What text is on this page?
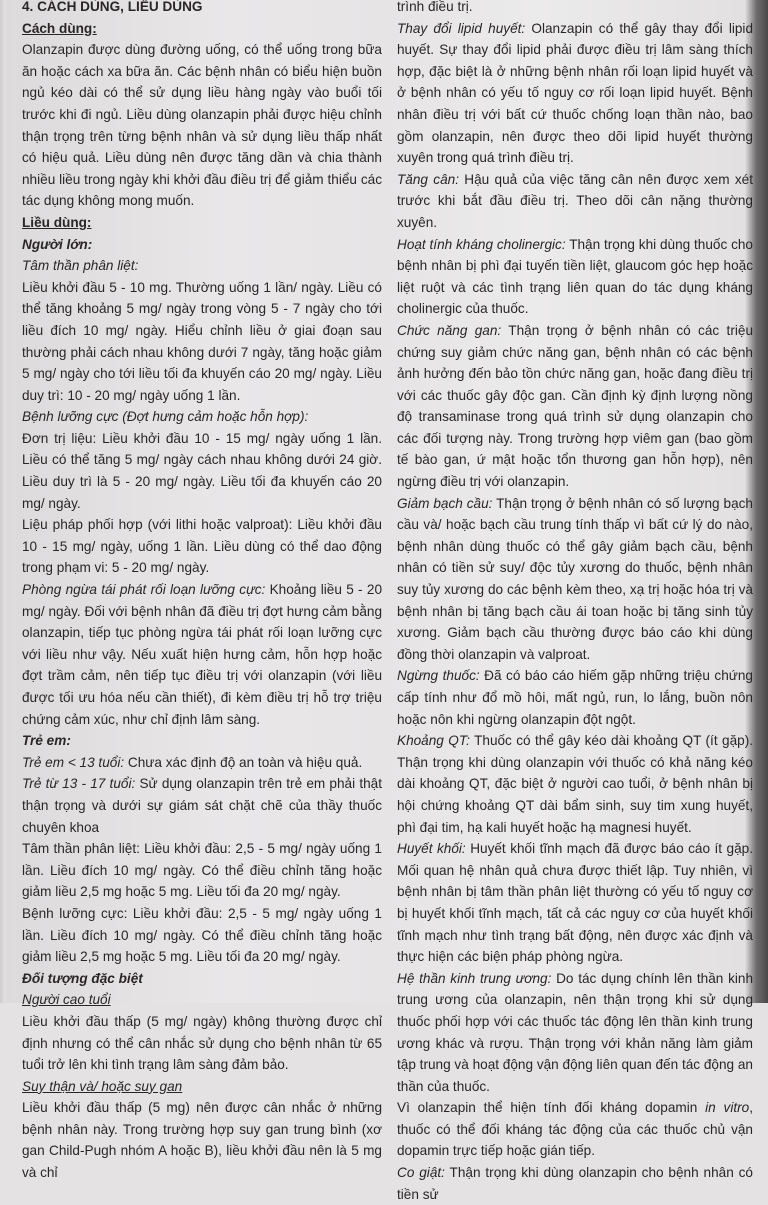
4. CÁCH DÙNG, LIỀU DÙNG

Cách dùng:

Olanzapin được dùng đường uống, có thể uống trong bữa ăn hoặc cách xa bữa ăn. Các bệnh nhân có biểu hiện buồn ngủ kéo dài có thể sử dụng liều hàng ngày vào buổi tối trước khi đi ngủ. Liều dùng olanzapin phải được hiệu chỉnh thận trọng trên từng bệnh nhân và sử dụng liều thấp nhất có hiệu quả. Liều dùng nên được tăng dần và chia thành nhiều liều trong ngày khi khởi đầu điều trị để giảm thiểu các tác dụng không mong muốn.

Liều dùng:

Người lớn:

Tâm thần phân liệt:

Liều khởi đầu 5 - 10 mg. Thường uống 1 lần/ ngày. Liều có thể tăng khoảng 5 mg/ ngày trong vòng 5 - 7 ngày cho tới liều đích 10 mg/ ngày. Hiểu chỉnh liều ở giai đoạn sau thường phải cách nhau không dưới 7 ngày, tăng hoặc giảm 5 mg/ ngày cho tới liều tối đa khuyến cáo 20 mg/ ngày. Liều duy trì: 10 - 20 mg/ ngày uống 1 lần.

Bệnh lưỡng cực (Đợt hưng cảm hoặc hỗn hợp):

Đơn trị liệu: Liều khởi đầu 10 - 15 mg/ ngày uống 1 lần. Liều có thể tăng 5 mg/ ngày cách nhau không dưới 24 giờ. Liều duy trì là 5 - 20 mg/ ngày. Liều tối đa khuyến cáo 20 mg/ ngày.

Liệu pháp phối hợp (với lithi hoặc valproat): Liều khởi đầu 10 - 15 mg/ ngày, uống 1 lần. Liều dùng có thể dao động trong phạm vi: 5 - 20 mg/ ngày.

Phòng ngừa tái phát rối loạn lưỡng cực: Khoảng liều 5 - 20 mg/ ngày. Đối với bệnh nhân đã điều trị đợt hưng cảm bằng olanzapin, tiếp tục phòng ngừa tái phát rối loạn lưỡng cực với liều như vậy. Nếu xuất hiện hưng cảm, hỗn hợp hoặc đợt trầm cảm, nên tiếp tục điều trị với olanzapin (với liều được tối ưu hóa nếu cần thiết), đi kèm điều trị hỗ trợ triệu chứng cảm xúc, như chỉ định lâm sàng.

Trẻ em:

Trẻ em < 13 tuổi: Chưa xác định độ an toàn và hiệu quả.

Trẻ từ 13 - 17 tuổi: Sử dụng olanzapin trên trẻ em phải thật thận trọng và dưới sự giám sát chặt chẽ của thầy thuốc chuyên khoa

Tâm thần phân liệt: Liều khởi đầu: 2,5 - 5 mg/ ngày uống 1 lần. Liều đích 10 mg/ ngày. Có thể điều chỉnh tăng hoặc giảm liều 2,5 mg hoặc 5 mg. Liều tối đa 20 mg/ ngày.

Bệnh lưỡng cực: Liều khởi đầu: 2,5 - 5 mg/ ngày uống 1 lần. Liều đích 10 mg/ ngày. Có thể điều chỉnh tăng hoặc giảm liều 2,5 mg hoặc 5 mg. Liều tối đa 20 mg/ ngày.

Đối tượng đặc biệt

Người cao tuổi

Liều khởi đầu thấp (5 mg/ ngày) không thường được chỉ định nhưng có thể cân nhắc sử dụng cho bệnh nhân từ 65 tuổi trở lên khi tình trạng lâm sàng đảm bảo.

Suy thận và/ hoặc suy gan

Liều khởi đầu thấp (5 mg) nên được cân nhắc ở những bệnh nhân này. Trong trường hợp suy gan trung bình (xơ gan Child-Pugh nhóm A hoặc B), liều khởi đầu nên là 5 mg và chỉ

trình điều trị.

Thay đổi lipid huyết: Olanzapin có thể gây thay đổi lipid huyết. Sự thay đổi lipid phải được điều trị lâm sàng thích hợp, đặc biệt là ở những bệnh nhân rối loạn lipid huyết và ở bệnh nhân có yếu tố nguy cơ rối loạn lipid huyết. Bệnh nhân điều trị với bất cứ thuốc chống loạn thần nào, bao gồm olanzapin, nên được theo dõi lipid huyết thường xuyên trong quá trình điều trị.

Tăng cân: Hậu quả của việc tăng cân nên được xem xét trước khi bắt đầu điều trị. Theo dõi cân nặng thường xuyên.

Hoạt tính kháng cholinergic: Thận trọng khi dùng thuốc cho bệnh nhân bị phì đại tuyến tiền liệt, glaucom góc hẹp hoặc liệt ruột và các tình trạng liên quan do tác dụng kháng cholinergic của thuốc.

Chức năng gan: Thận trọng ở bệnh nhân có các triệu chứng suy giảm chức năng gan, bệnh nhân có các bệnh ảnh hưởng đến bảo tồn chức năng gan, hoặc đang điều trị với các thuốc gây độc gan. Cần định kỳ định lượng nồng độ transaminase trong quá trình sử dụng olanzapin cho các đối tượng này. Trong trường hợp viêm gan (bao gồm tế bào gan, ứ mật hoặc tổn thương gan hỗn hợp), nên ngừng điều trị với olanzapin.

Giảm bạch cầu: Thận trọng ở bệnh nhân có số lượng bạch cầu và/ hoặc bạch cầu trung tính thấp vì bất cứ lý do nào, bệnh nhân dùng thuốc có thể gây giảm bạch cầu, bệnh nhân có tiền sử suy/ độc tủy xương do thuốc, bệnh nhân suy tủy xương do các bệnh kèm theo, xạ trị hoặc hóa trị và bệnh nhân bị tăng bạch cầu ái toan hoặc bị tăng sinh tủy xương. Giảm bạch cầu thường được báo cáo khi dùng đồng thời olanzapin và valproat.

Ngừng thuốc: Đã có báo cáo hiếm gặp những triệu chứng cấp tính như đổ mồ hôi, mất ngủ, run, lo lắng, buồn nôn hoặc nôn khi ngừng olanzapin đột ngột.

Khoảng QT: Thuốc có thể gây kéo dài khoảng QT (ít gặp). Thận trọng khi dùng olanzapin với thuốc có khả năng kéo dài khoảng QT, đặc biệt ở người cao tuổi, ở bệnh nhân bị hội chứng khoảng QT dài bẩm sinh, suy tim xung huyết, phì đại tim, hạ kali huyết hoặc hạ magnesi huyết.

Huyết khối: Huyết khối tĩnh mạch đã được báo cáo ít gặp. Mối quan hệ nhân quả chưa được thiết lập. Tuy nhiên, vì bệnh nhân bị tâm thần phân liệt thường có yếu tố nguy cơ bị huyết khối tĩnh mạch, tất cả các nguy cơ của huyết khối tĩnh mạch như tình trạng bất động, nên được xác định và thực hiện các biện pháp phòng ngừa.

Hệ thần kinh trung ương: Do tác dụng chính lên thần kinh trung ương của olanzapin, nên thận trọng khi sử dụng thuốc phối hợp với các thuốc tác động lên thần kinh trung ương khác và rượu. Thận trọng với khản năng làm giảm tập trung và hoạt động vận động liên quan đến tác động an thần của thuốc.

Vì olanzapin thể hiện tính đối kháng dopamin in vitro, thuốc có thể đối kháng tác động của các thuốc chủ vận dopamin trực tiếp hoặc gián tiếp.

Co giật: Thận trọng khi dùng olanzapin cho bệnh nhân có tiền sử
